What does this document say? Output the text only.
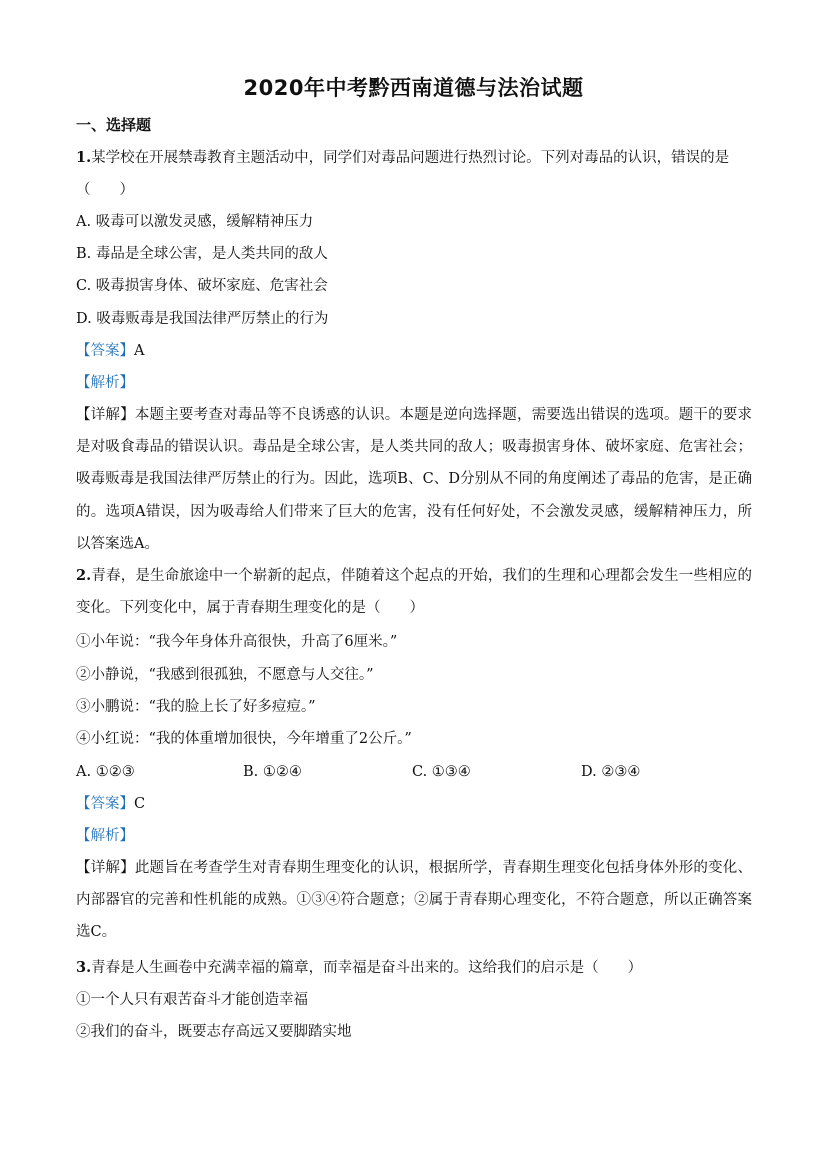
2020年中考黔西南道德与法治试题
一、选择题
1.某学校在开展禁毒教育主题活动中，同学们对毒品问题进行热烈讨论。下列对毒品的认识，错误的是
（　　）
A. 吸毒可以激发灵感，缓解精神压力
B. 毒品是全球公害，是人类共同的敌人
C. 吸毒损害身体、破坏家庭、危害社会
D. 吸毒贩毒是我国法律严厉禁止的行为
【答案】A
【解析】
【详解】本题主要考查对毒品等不良诱惑的认识。本题是逆向选择题，需要选出错误的选项。题干的要求是对吸食毒品的错误认识。毒品是全球公害，是人类共同的敌人；吸毒损害身体、破坏家庭、危害社会；吸毒贩毒是我国法律严厉禁止的行为。因此，选项B、C、D分别从不同的角度阐述了毒品的危害，是正确的。选项A错误，因为吸毒给人们带来了巨大的危害，没有任何好处，不会激发灵感，缓解精神压力，所以答案选A。
2.青春，是生命旅途中一个崭新的起点，伴随着这个起点的开始，我们的生理和心理都会发生一些相应的变化。下列变化中，属于青春期生理变化的是（　　）
①小年说：“我今年身体升高很快，升高了6厘米。”
②小静说，“我感到很孤独，不愿意与人交往。”
③小鹏说：“我的脸上长了好多痘痘。”
④小红说：“我的体重增加很快，今年增重了2公斤。”
A. ①②③	B. ①②④	C. ①③④	D. ②③④
【答案】C
【解析】
【详解】此题旨在考查学生对青春期生理变化的认识，根据所学，青春期生理变化包括身体外形的变化、内部器官的完善和性机能的成熟。①③④符合题意；②属于青春期心理变化，不符合题意，所以正确答案选C。
3.青春是人生画卷中充满幸福的篇章，而幸福是奋斗出来的。这给我们的启示是（　　）
①一个人只有艰苦奋斗才能创造幸福
②我们的奋斗，既要志存高远又要脚踏实地
